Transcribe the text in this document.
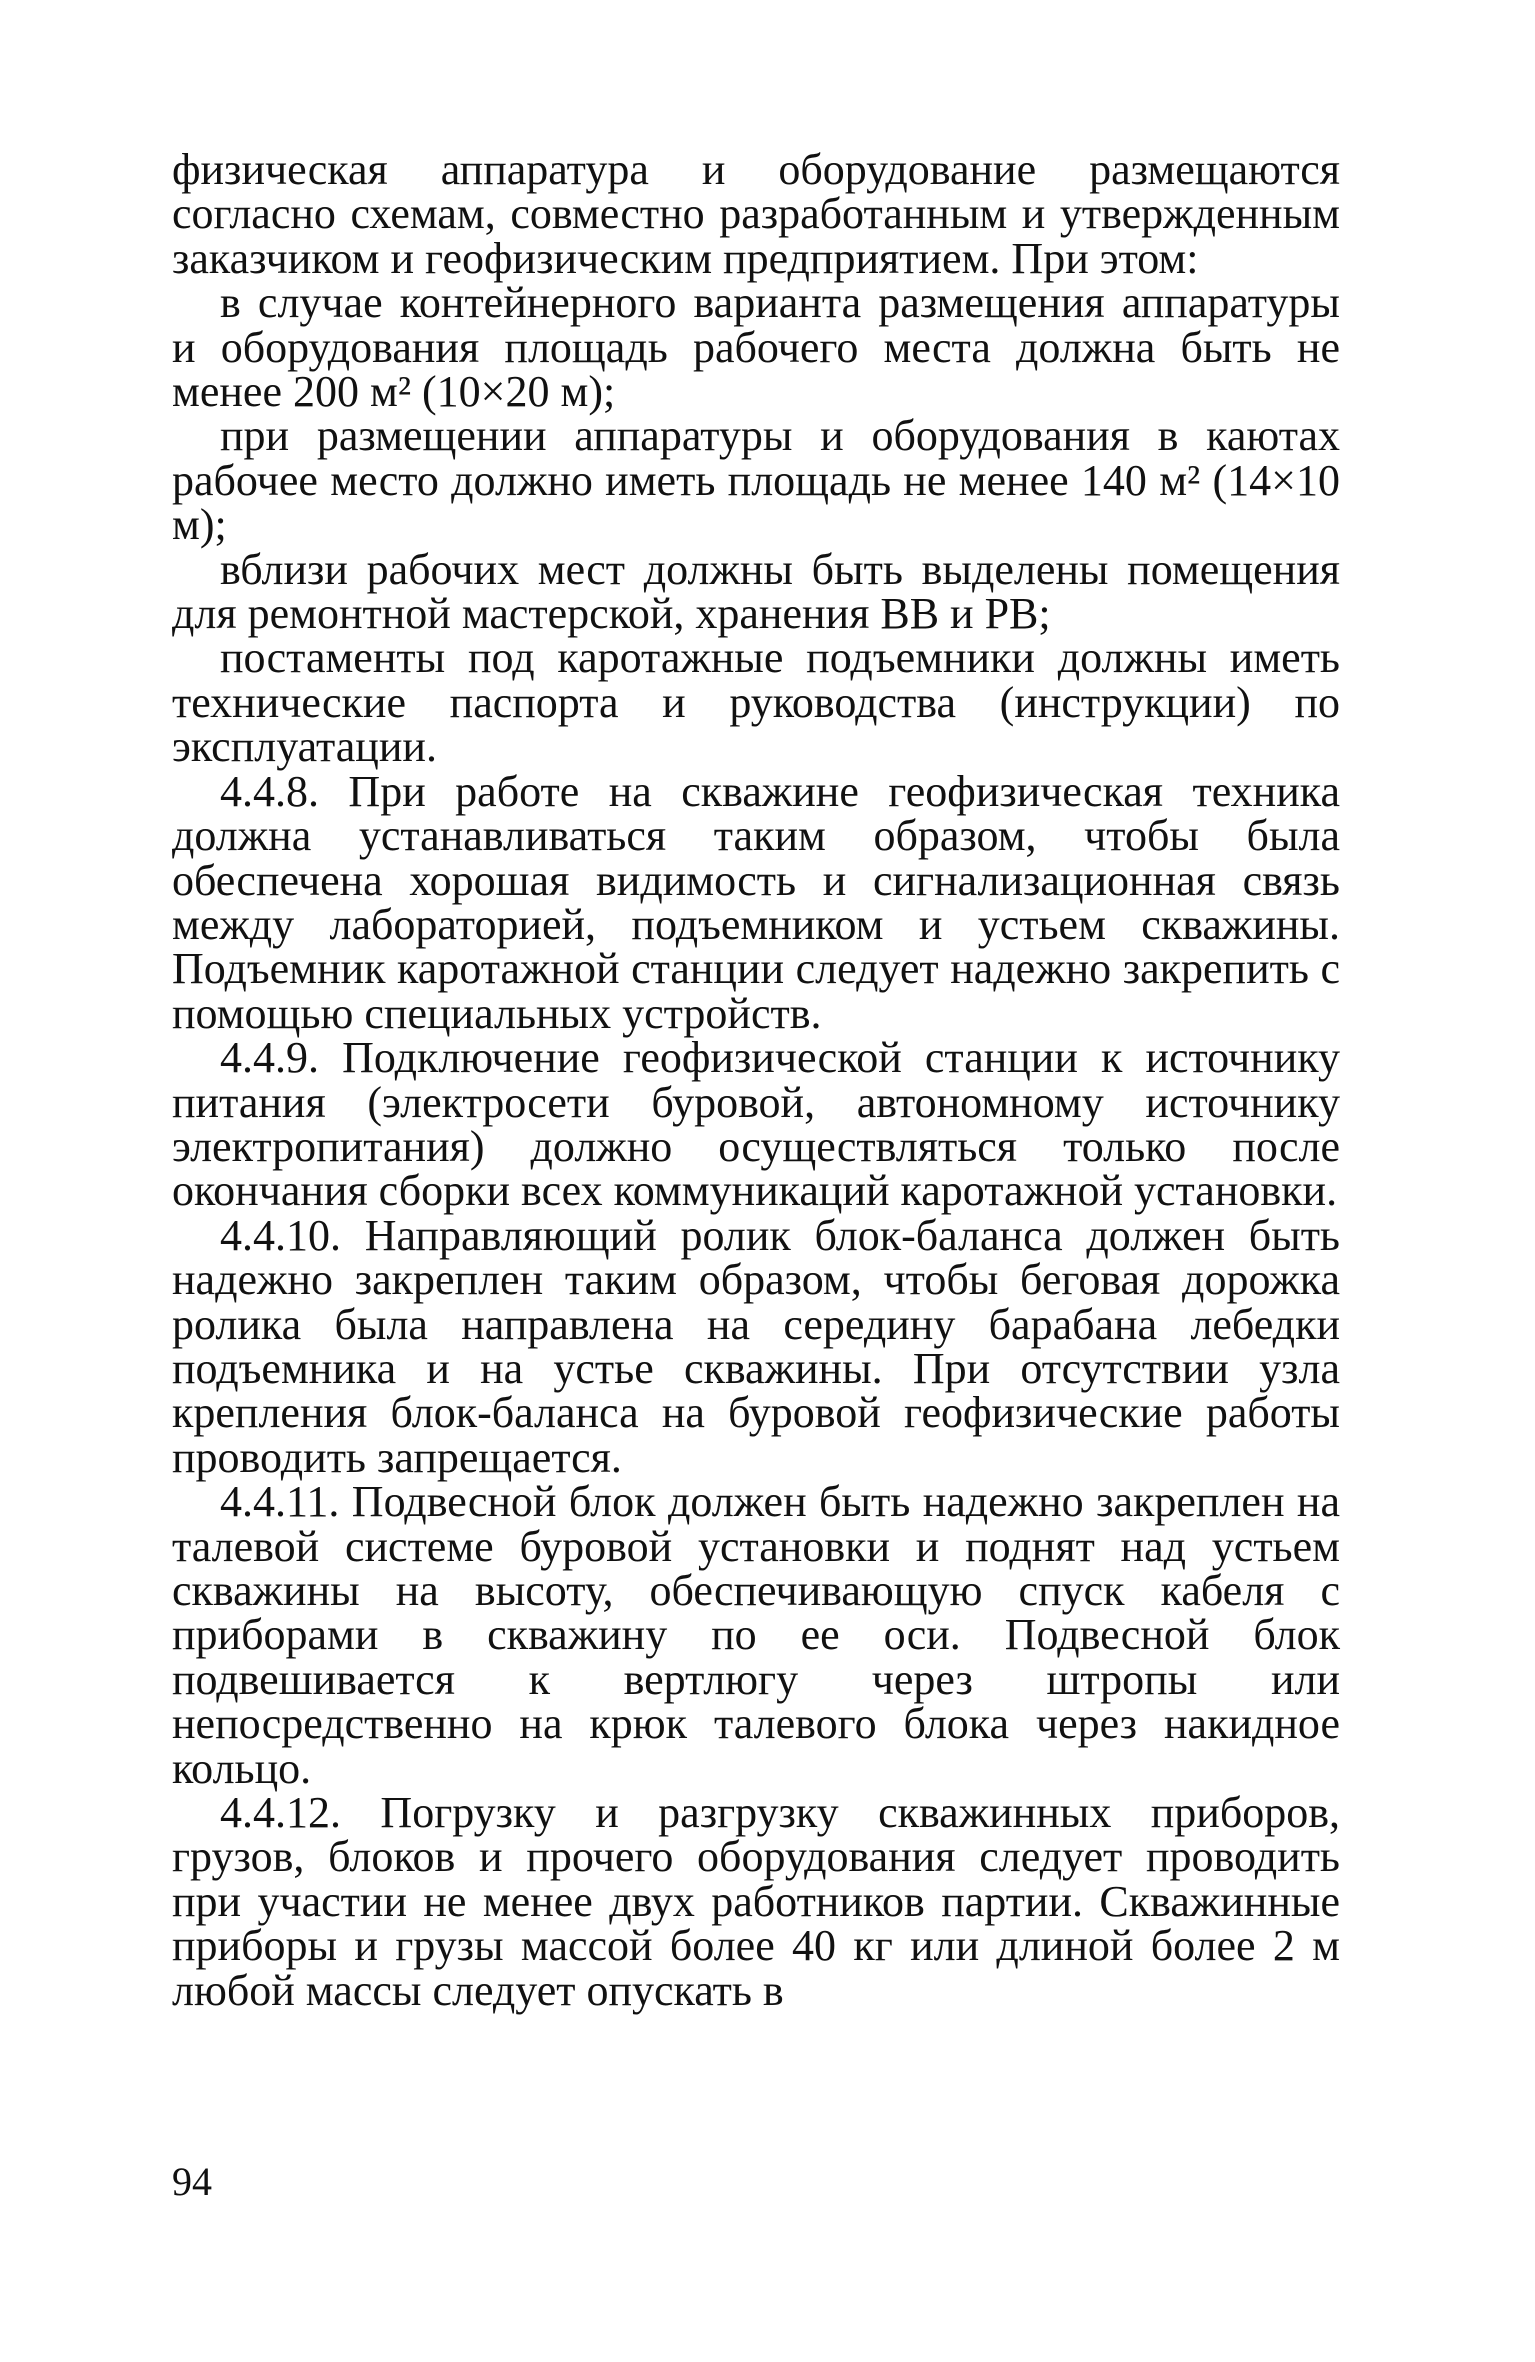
физическая аппаратура и оборудование размещаются согласно схемам, совместно разработанным и утвержденным заказчиком и геофизическим предприятием. При этом:

в случае контейнерного варианта размещения аппаратуры и оборудования площадь рабочего места должна быть не менее 200 м² (10×20 м);

при размещении аппаратуры и оборудования в каютах рабочее место должно иметь площадь не менее 140 м² (14×10 м);

вблизи рабочих мест должны быть выделены помещения для ремонтной мастерской, хранения ВВ и РВ;

постаменты под каротажные подъемники должны иметь технические паспорта и руководства (инструкции) по эксплуатации.

4.4.8. При работе на скважине геофизическая техника должна устанавливаться таким образом, чтобы была обеспечена хорошая видимость и сигнализационная связь между лабораторией, подъемником и устьем скважины. Подъемник каротажной станции следует надежно закрепить с помощью специальных устройств.

4.4.9. Подключение геофизической станции к источнику питания (электросети буровой, автономному источнику электропитания) должно осуществляться только после окончания сборки всех коммуникаций каротажной установки.

4.4.10. Направляющий ролик блок-баланса должен быть надежно закреплен таким образом, чтобы беговая дорожка ролика была направлена на середину барабана лебедки подъемника и на устье скважины. При отсутствии узла крепления блок-баланса на буровой геофизические работы проводить запрещается.

4.4.11. Подвесной блок должен быть надежно закреплен на талевой системе буровой установки и поднят над устьем скважины на высоту, обеспечивающую спуск кабеля с приборами в скважину по ее оси. Подвесной блок подвешивается к вертлюгу через штропы или непосредственно на крюк талевого блока через накидное кольцо.

4.4.12. Погрузку и разгрузку скважинных приборов, грузов, блоков и прочего оборудования следует проводить при участии не менее двух работников партии. Скважинные приборы и грузы массой более 40 кг или длиной более 2 м любой массы следует опускать в

94
